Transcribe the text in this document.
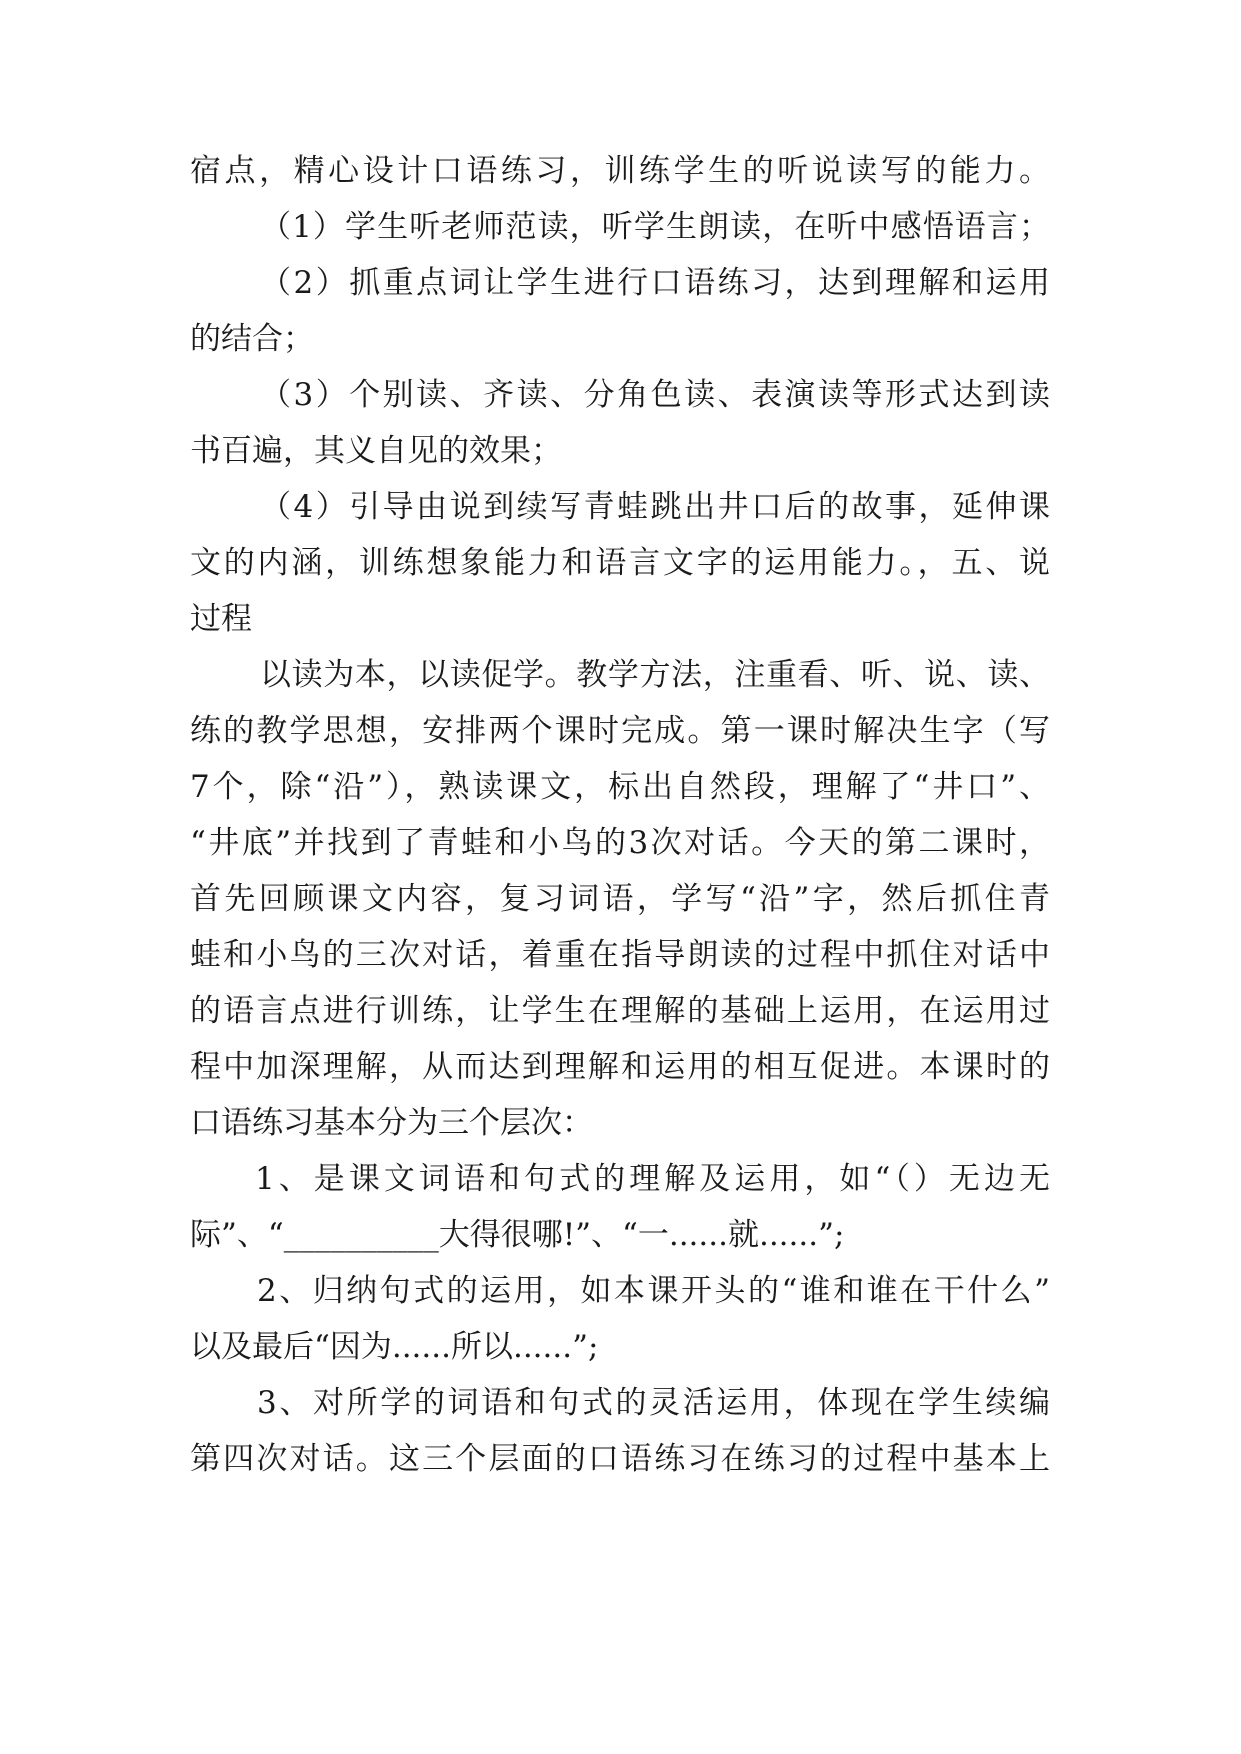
宿点，精心设计口语练习，训练学生的听说读写的能力。
（1）学生听老师范读，听学生朗读，在听中感悟语言；
（2）抓重点词让学生进行口语练习，达到理解和运用
的结合；
（3）个别读、齐读、分角色读、表演读等形式达到读
书百遍，其义自见的效果；
（4）引导由说到续写青蛙跳出井口后的故事，延伸课
文的内涵，训练想象能力和语言文字的运用能力。，五、说
过程
以读为本，以读促学。教学方法，注重看、听、说、读、
练的教学思想，安排两个课时完成。第一课时解决生字（写
7个，除“沿”），熟读课文，标出自然段，理解了“井口”、
“井底”并找到了青蛙和小鸟的3次对话。今天的第二课时，
首先回顾课文内容，复习词语，学写“沿”字，然后抓住青
蛙和小鸟的三次对话，着重在指导朗读的过程中抓住对话中
的语言点进行训练，让学生在理解的基础上运用，在运用过
程中加深理解，从而达到理解和运用的相互促进。本课时的
口语练习基本分为三个层次：
1、是课文词语和句式的理解及运用，如“（）无边无
际”、“__________大得很哪!”、“一......就......”;
2、归纳句式的运用，如本课开头的“谁和谁在干什么”
以及最后“因为......所以......”;
3、对所学的词语和句式的灵活运用，体现在学生续编
第四次对话。这三个层面的口语练习在练习的过程中基本上
